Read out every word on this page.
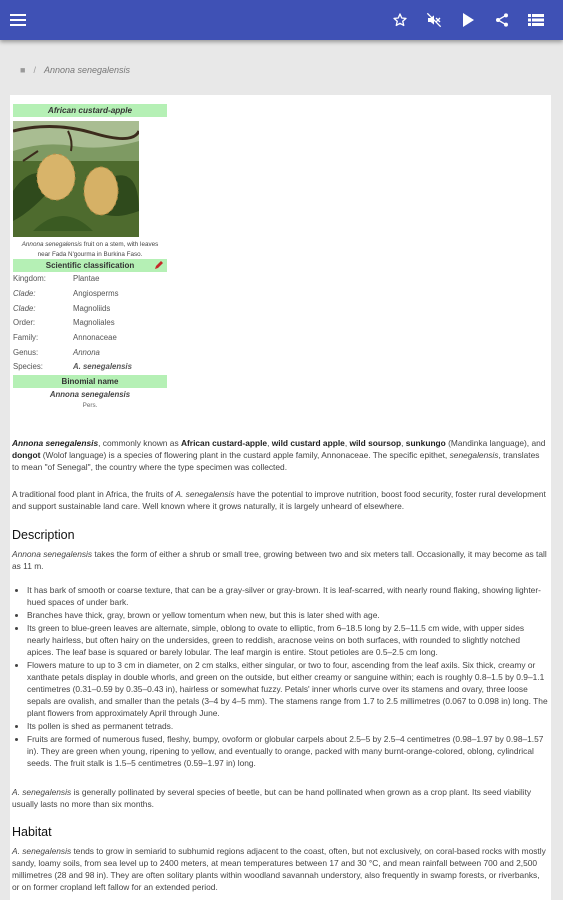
■ / Annona senegalensis
African custard-apple
Annona senegalensis fruit on a stem, with leaves near Fada N'gourma in Burkina Faso.
Scientific classification
Kingdom:	Plantae
Clade:	Angiosperms
Clade:	Magnoliids
Order:	Magnoliales
Family:	Annonaceae
Genus:	Annona
Species:	A. senegalensis
Binomial name
Annona senegalensis
Pers.
Annona senegalensis, commonly known as African custard-apple, wild custard apple, wild soursop, sunkungo (Mandinka language), and dongot (Wolof language) is a species of flowering plant in the custard apple family, Annonaceae. The specific epithet, senegalensis, translates to mean "of Senegal", the country where the type specimen was collected.
A traditional food plant in Africa, the fruits of A. senegalensis have the potential to improve nutrition, boost food security, foster rural development and support sustainable land care. Well known where it grows naturally, it is largely unheard of elsewhere.
Description
Annona senegalensis takes the form of either a shrub or small tree, growing between two and six meters tall. Occasionally, it may become as tall as 11 m.
• It has bark of smooth or coarse texture, that can be a gray-silver or gray-brown. It is leaf-scarred, with nearly round flaking, showing lighter-hued spaces of under bark.
• Branches have thick, gray, brown or yellow tomentum when new, but this is later shed with age.
• Its green to blue-green leaves are alternate, simple, oblong to ovate to elliptic, from 6–18.5 long by 2.5–11.5 cm wide, with upper sides nearly hairless, but often hairy on the undersides, green to reddish, aracnose veins on both surfaces, with rounded to slightly notched apices. The leaf base is squared or barely lobular. The leaf margin is entire. Stout petioles are 0.5–2.5 cm long.
• Flowers mature to up to 3 cm in diameter, on 2 cm stalks, either singular, or two to four, ascending from the leaf axils. Six thick, creamy or xanthate petals display in double whorls, and green on the outside, but either creamy or sanguine within; each is roughly 0.8–1.5 by 0.9–1.1 centimetres (0.31–0.59 by 0.35–0.43 in), hairless or somewhat fuzzy. Petals' inner whorls curve over its stamens and ovary, three loose sepals are ovalish, and smaller than the petals (3–4 by 4–5 mm). The stamens range from 1.7 to 2.5 millimetres (0.067 to 0.098 in) long. The plant flowers from approximately April through June.
• Its pollen is shed as permanent tetrads.
• Fruits are formed of numerous fused, fleshy, bumpy, ovoform or globular carpels about 2.5–5 by 2.5–4 centimetres (0.98–1.97 by 0.98–1.57 in). They are green when young, ripening to yellow, and eventually to orange, packed with many burnt-orange-colored, oblong, cylindrical seeds. The fruit stalk is 1.5–5 centimetres (0.59–1.97 in) long.
A. senegalensis is generally pollinated by several species of beetle, but can be hand pollinated when grown as a crop plant. Its seed viability usually lasts no more than six months.
Habitat
A. senegalensis tends to grow in semiarid to subhumid regions adjacent to the coast, often, but not exclusively, on coral-based rocks with mostly sandy, loamy soils, from sea level up to 2400 meters, at mean temperatures between 17 and 30 °C, and mean rainfall between 700 and 2,500 millimetres (28 and 98 in). They are often solitary plants within woodland savannah understory, also frequently in swamp forests, or riverbanks, or on former cropland left fallow for an extended period.
